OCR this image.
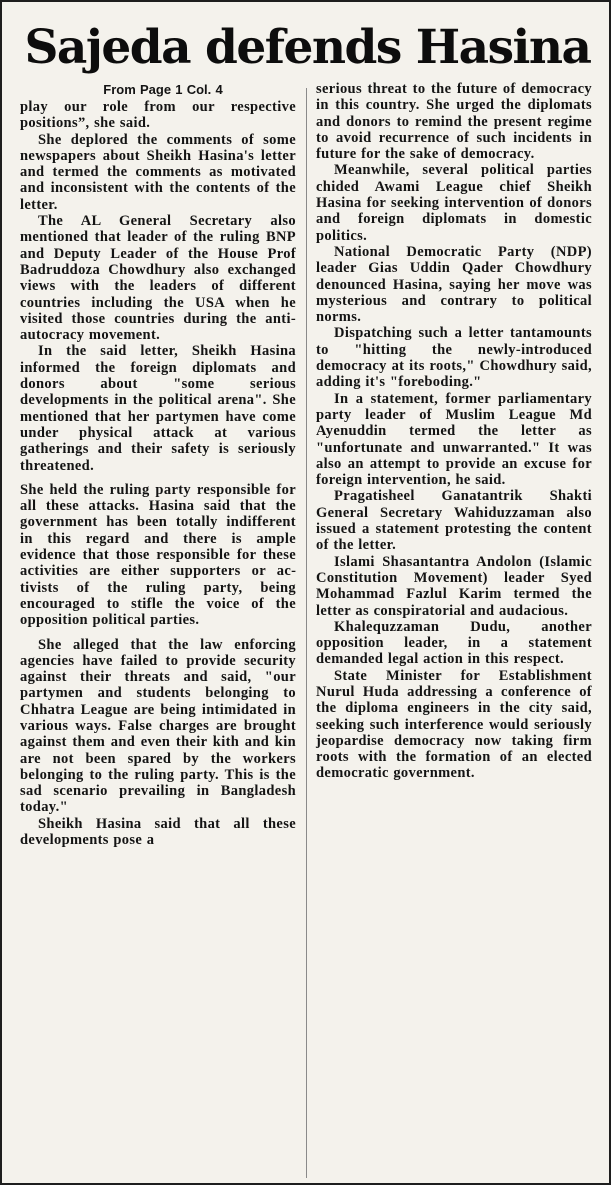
Sajeda defends Hasina
From Page 1 Col. 4

play our role from our respective positions”, she said.

She deplored the comments of some newspapers about Sheikh Hasina's letter and termed the comments as motivated and inconsistent with the contents of the letter.

The AL General Secretary also mentioned that leader of the ruling BNP and Deputy Leader of the House Prof Badruddoza Chowdhury also exchanged views with the leaders of different countries including the USA when he visited those countries during the anti-autocracy movement.

In the said letter, Sheikh Hasina informed the foreign diplomats and donors about "some serious developments in the political arena". She mentioned that her partymen have come under physical attack at various gatherings and their safety is seriously threatened.

She held the ruling party responsible for all these attacks. Hasina said that the government has been totally indifferent in this regard and there is ample evidence that those responsible for these activities are either supporters or activists of the ruling party, being encouraged to stifle the voice of the opposition political parties.

She alleged that the law enforcing agencies have failed to provide security against their threats and said, "our partymen and students belonging to Chhatra League are being intimidated in various ways. False charges are brought against them and even their kith and kin are not been spared by the workers belonging to the ruling party. This is the sad scenario prevailing in Bangladesh today."

Sheikh Hasina said that all these developments pose a

serious threat to the future of democracy in this country. She urged the diplomats and donors to remind the present regime to avoid recurrence of such incidents in future for the sake of democracy.

Meanwhile, several political parties chided Awami League chief Sheikh Hasina for seeking intervention of donors and foreign diplomats in domestic politics.

National Democratic Party (NDP) leader Gias Uddin Qader Chowdhury denounced Hasina, saying her move was mysterious and contrary to political norms.

Dispatching such a letter tantamounts to "hitting the newly-introduced democracy at its roots," Chowdhury said, adding it's "foreboding."

In a statement, former parliamentary party leader of Muslim League Md Ayenuddin termed the letter as "unfortunate and unwarranted." It was also an attempt to provide an excuse for foreign intervention, he said.

Pragatisheel Ganatantrik Shakti General Secretary Wahiduzzaman also issued a statement protesting the content of the letter.

Islami Shasantantra Andolon (Islamic Constitution Movement) leader Syed Mohammad Fazlul Karim termed the letter as conspiratorial and audacious.

Khalequzzaman Dudu, another opposition leader, in a statement demanded legal action in this respect.

State Minister for Establishment Nurul Huda addressing a conference of the diploma engineers in the city said, seeking such interference would seriously jeopardise democracy now taking firm roots with the formation of an elected democratic government.
